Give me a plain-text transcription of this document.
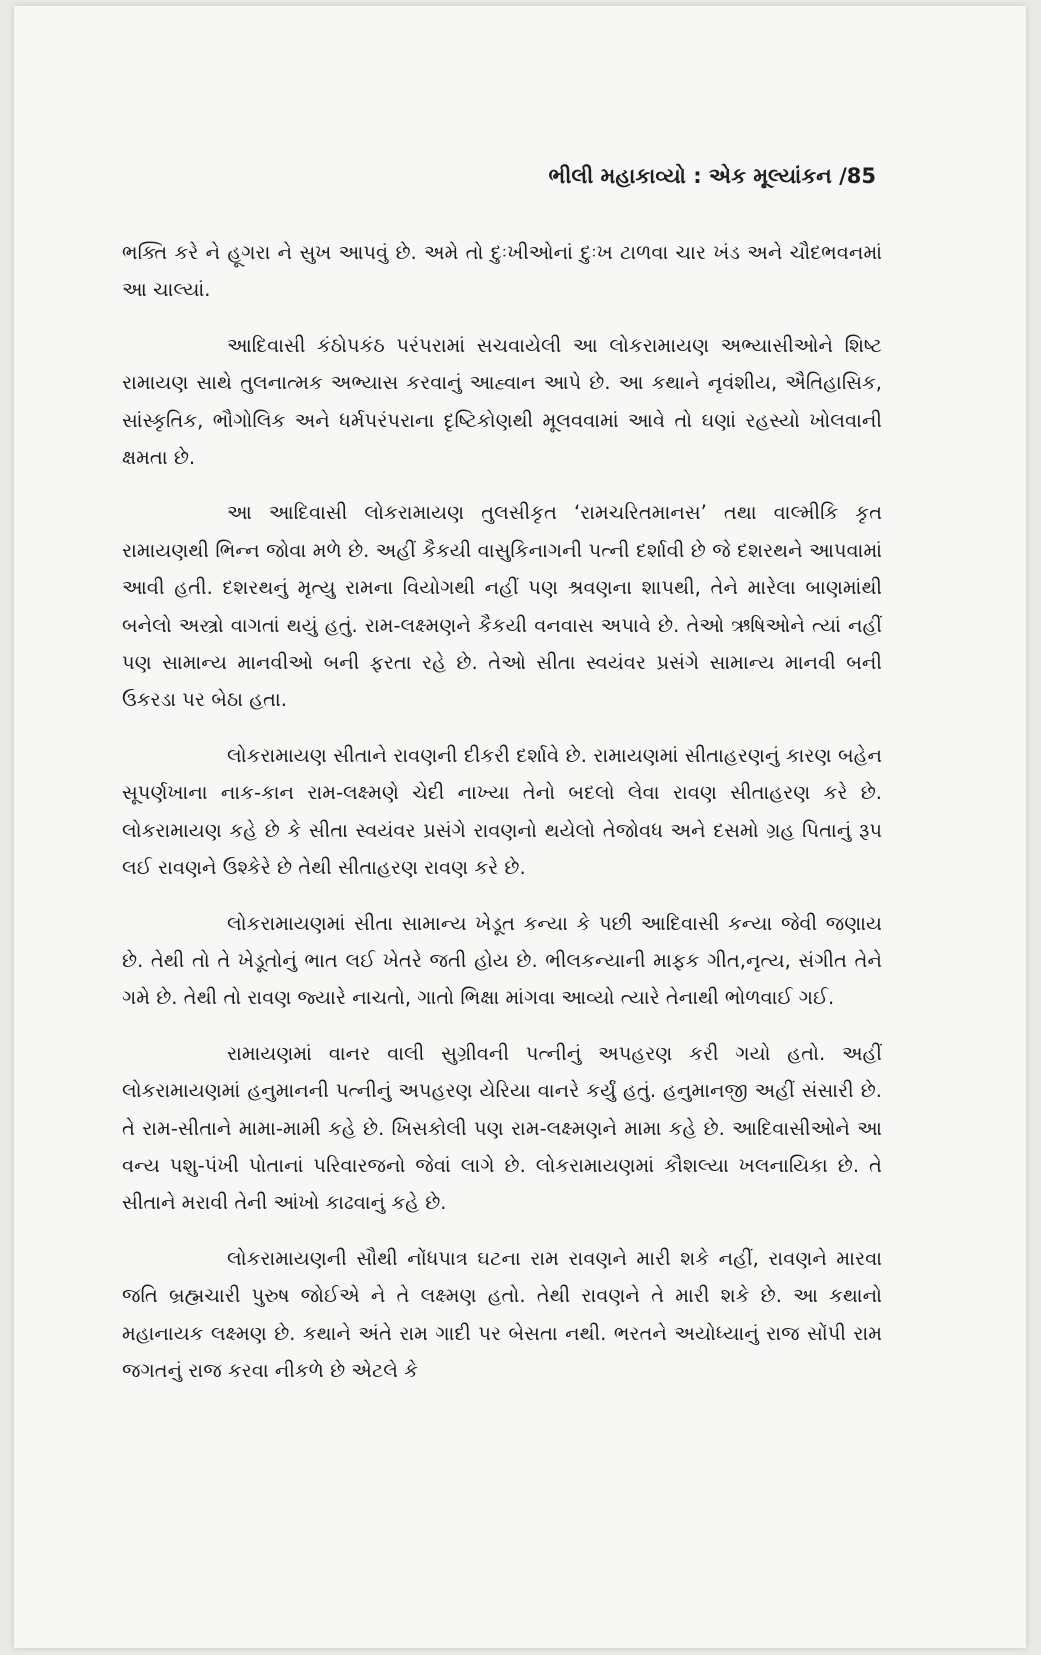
ભીલી મહાકાવ્યો : એક મૂલ્યાંકન /85

ભક્તિ કરે ને હૂગરા ને સુખ આપવું છે. અમે તો દુઃખીઓનાં દુઃખ ટાળવા ચાર ખંડ અને ચૌદભવનમાં આ ચાલ્યાં.

આદિવાસી કંઠોપકંઠ પરંપરામાં સચવાયેલી આ લોકરામાયણ અભ્યાસીઓને શિષ્ટ રામાયણ સાથે તુલનાત્મક અભ્યાસ કરવાનું આહ્વાન આપે છે. આ કથાને નૃવંશીય, ઐતિહાસિક, સાંસ્કૃતિક, ભૌગોલિક અને ધર્મપરંપરાના દૃષ્ટિકોણથી મૂલવવામાં આવે તો ઘણાં રહસ્યો ખોલવાની ક્ષમતા છે.

આ આદિવાસી લોકરામાયણ તુલસીકૃત ‘રામચરિતમાનસ’ તથા વાલ્મીકિ કૃત રામાયણથી ભિન્ન જોવા મળે છે. અહીં કૈકયી વાસુકિનાગની પત્ની દર્શાવી છે જે દશરથને આપવામાં આવી હતી. દશરથનું મૃત્યુ રામના વિયોગથી નહીં પણ શ્રવણના શાપથી, તેને મારેલા બાણમાંથી બનેલો અસ્ત્રો વાગતાં થયું હતું. રામ-લક્ષ્મણને કૈકયી વનવાસ અપાવે છે. તેઓ ઋષિઓને ત્યાં નહીં પણ સામાન્ય માનવીઓ બની ફરતા રહે છે. તેઓ સીતા સ્વયંવર પ્રસંગે સામાન્ય માનવી બની ઉકરડા પર બેઠા હતા.

લોકરામાયણ સીતાને રાવણની દીકરી દર્શાવે છે. રામાયણમાં સીતાહરણનું કારણ બહેન સૂપર્ણખાના નાક-કાન રામ-લક્ષ્મણે ચેદી નાખ્યા તેનો બદલો લેવા રાવણ સીતાહરણ કરે છે. લોકરામાયણ કહે છે કે સીતા સ્વયંવર પ્રસંગે રાવણનો થયેલો તેજોવધ અને દસમો ગ્રહ પિતાનું રૂપ લઈ રાવણને ઉશ્કેરે છે તેથી સીતાહરણ રાવણ કરે છે.

લોકરામાયણમાં સીતા સામાન્ય ખેડૂત કન્યા કે પછી આદિવાસી કન્યા જેવી જણાય છે. તેથી તો તે ખેડૂતોનું ભાત લઈ ખેતરે જતી હોય છે. ભીલકન્યાની માફક ગીત,નૃત્ય, સંગીત તેને ગમે છે. તેથી તો રાવણ જ્યારે નાચતો, ગાતો ભિક્ષા માંગવા આવ્યો ત્યારે તેનાથી ભોળવાઈ ગઈ.

રામાયણમાં વાનર વાલી સુગ્રીવની પત્નીનું અપહરણ કરી ગયો હતો. અહીં લોકરામાયણમાં હનુમાનની પત્નીનું અપહરણ યેરિયા વાનરે કર્યું હતું. હનુમાનજી અહીં સંસારી છે. તે રામ-સીતાને મામા-મામી કહે છે. ખિસકોલી પણ રામ-લક્ષ્મણને મામા કહે છે. આદિવાસીઓને આ વન્ય પશુ-પંખી પોતાનાં પરિવારજનો જેવાં લાગે છે. લોકરામાયણમાં કૌશલ્યા ખલનાયિકા છે. તે સીતાને મરાવી તેની આંખો કાઢવાનું કહે છે.

લોકરામાયણની સૌથી નોંધપાત્ર ઘટના રામ રાવણને મારી શકે નહીં, રાવણને મારવા જતિ બ્રહ્મચારી પુરુષ જોઈએ ને તે લક્ષ્મણ હતો. તેથી રાવણને તે મારી શકે છે. આ કથાનો મહાનાયક લક્ષ્મણ છે. કથાને અંતે રામ ગાદી પર બેસતા નથી. ભરતને અયોધ્યાનું રાજ સોંપી રામ જગતનું રાજ કરવા નીકળે છે એટલે કે
